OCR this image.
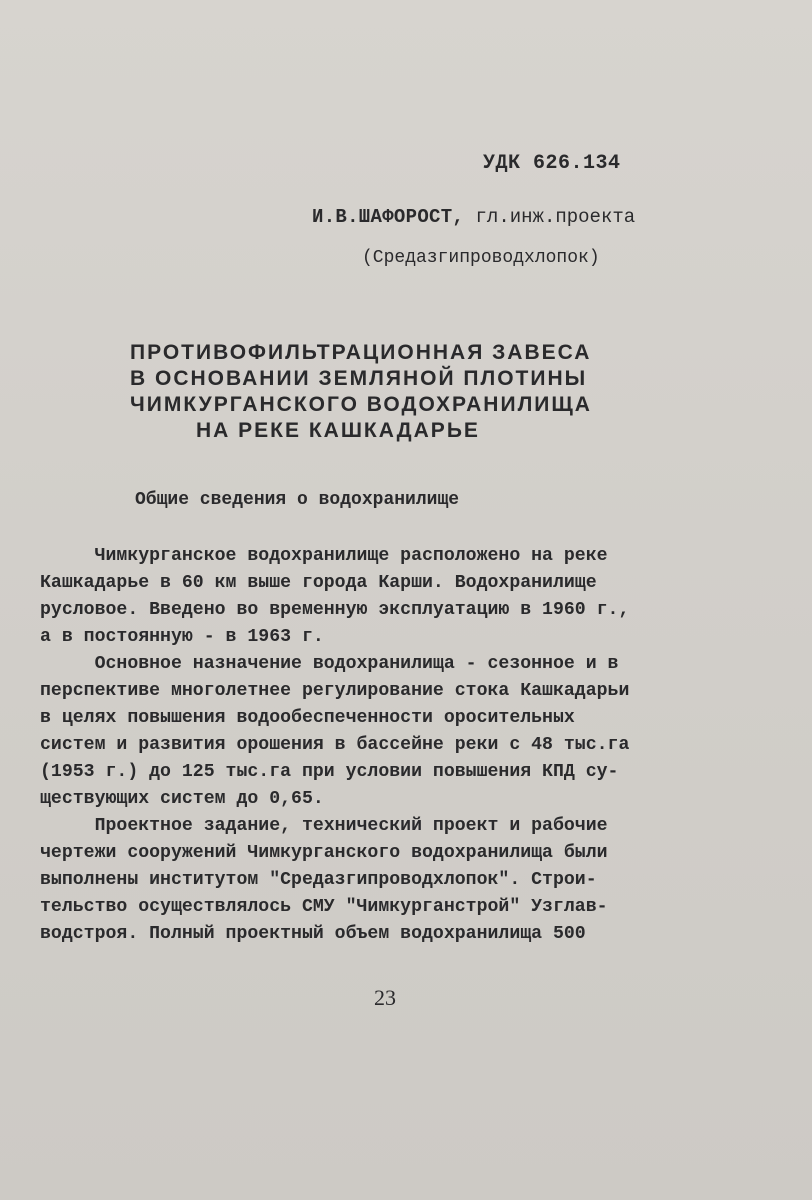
УДК 626.134
И.В.ШАФОРОСТ, гл.инж.проекта
(Средазгипроводхлопок)
ПРОТИВОФИЛЬТРАЦИОННАЯ ЗАВЕСА
В ОСНОВАНИИ ЗЕМЛЯНОЙ ПЛОТИНЫ
ЧИМКУРГАНСКОГО ВОДОХРАНИЛИЩА
НА РЕКЕ КАШКАДАРЬЕ
Общие сведения о водохранилище

Чимкурганское водохранилище расположено на реке

Кашкадарье в 60 км выше города Карши. Водохранилище

русловое. Введено во временную эксплуатацию в 1960 г.,

а в постоянную - в 1963 г.

Основное назначение водохранилища - сезонное и в

перспективе многолетнее регулирование стока Кашкадарьи

в целях повышения водообеспеченности оросительных

систем и развития орошения в бассейне реки с 48 тыс.га

(1953 г.) до 125 тыс.га при условии повышения КПД су-

ществующих систем до 0,65.

Проектное задание, технический проект и рабочие

чертежи сооружений Чимкурганского водохранилища были

выполнены институтом "Средазгипроводхлопок". Строи-

тельство осуществлялось СМУ "Чимкурганстрой" Узглав-

водстроя. Полный проектный объем водохранилища 500

23
